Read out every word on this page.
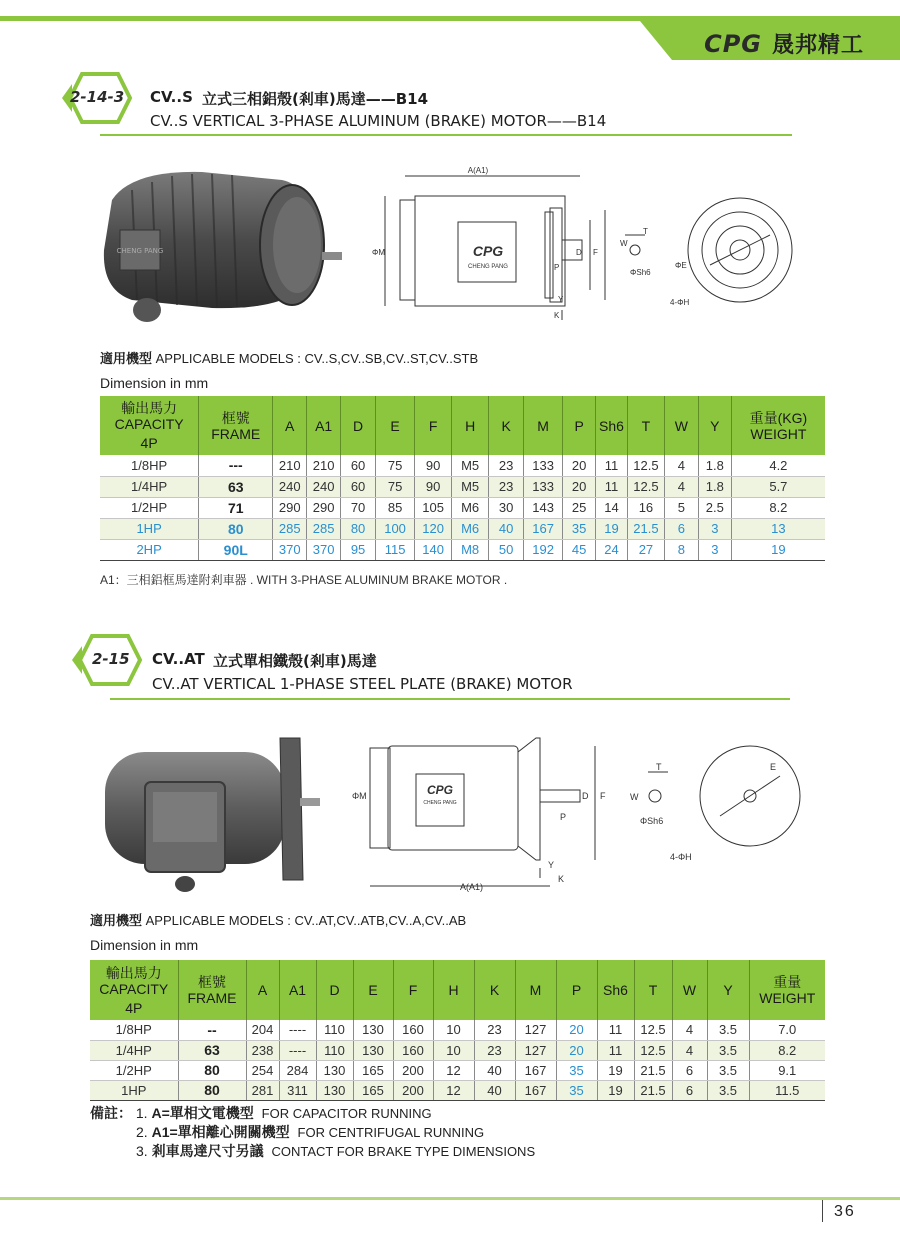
CPG 晟邦精工
2-14-3 CV..S 立式三相鋁殼(剎車)馬達——B14
CV..S VERTICAL 3-PHASE ALUMINUM (BRAKE) MOTOR——B14
CHENG PANG	CPG
CHENG PANG
A(A1)
ΦM	D F
P
Y
K
W
T
ΦSh6
ΦE
4-ΦH
適用機型 APPLICABLE MODELS : CV..S,CV..SB,CV..ST,CV..STB
Dimension in mm
輸出馬力
CAPACITY
4P	框號
FRAME	A	A1	D	E	F	H	K	M	P	Sh6	T	W	Y	重量(KG)
WEIGHT
1/8HP	---	210	210	60	75	90	M5	23	133	20	11	12.5	4	1.8	4.2
1/4HP	63	240	240	60	75	90	M5	23	133	20	11	12.5	4	1.8	5.7
1/2HP	71	290	290	70	85	105	M6	30	143	25	14	16	5	2.5	8.2
1HP	80	285	285	80	100	120	M6	40	167	35	19	21.5	6	3	13
2HP	90L	370	370	95	115	140	M8	50	192	45	24	27	8	3	19
A1：三相鋁框馬達附剎車器 . WITH 3-PHASE ALUMINUM BRAKE MOTOR .
2-15 CV..AT 立式單相鐵殼(剎車)馬達
CV..AT VERTICAL 1-PHASE STEEL PLATE (BRAKE) MOTOR
CPG
CHENG PANG
ΦM	D F
P
Y
K
A(A1)
W
T
ΦSh6
E
4-ΦH
適用機型 APPLICABLE MODELS : CV..AT,CV..ATB,CV..A,CV..AB
Dimension in mm
輸出馬力
CAPACITY
4P	框號
FRAME	A	A1	D	E	F	H	K	M	P	Sh6	T	W	Y	重量
WEIGHT
1/8HP	--	204	----	110	130	160	10	23	127	20	11	12.5	4	3.5	7.0
1/4HP	63	238	----	110	130	160	10	23	127	20	11	12.5	4	3.5	8.2
1/2HP	80	254	284	130	165	200	12	40	167	35	19	21.5	6	3.5	9.1
1HP	80	281	311	130	165	200	12	40	167	35	19	21.5	6	3.5	11.5
備註： 1. A=單相文電機型 FOR CAPACITOR RUNNING
2. A1=單相離心開關機型 FOR CENTRIFUGAL RUNNING
3. 剎車馬達尺寸另議 CONTACT FOR BRAKE TYPE DIMENSIONS
36
